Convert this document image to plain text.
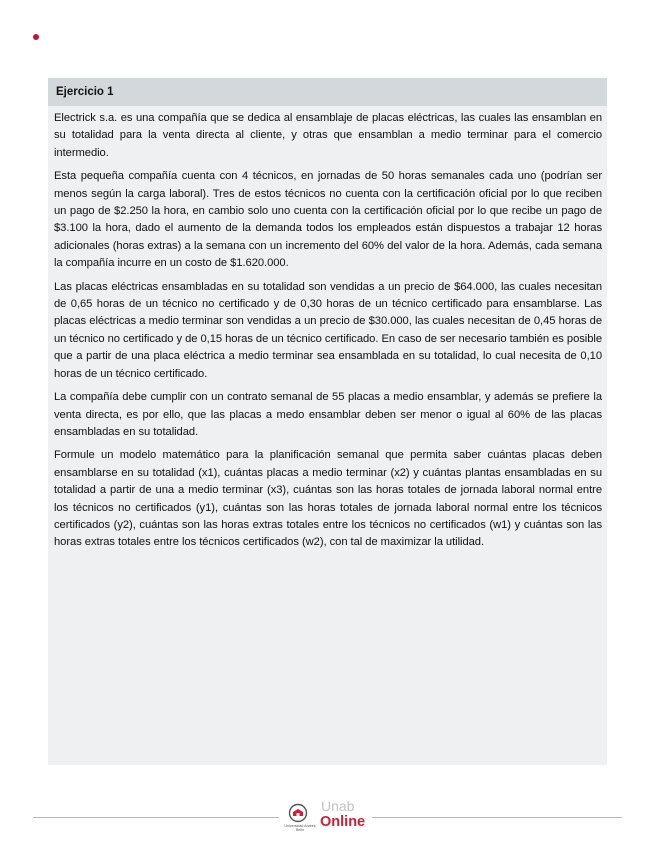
Ejercicio 1

Electrick s.a. es una compañía que se dedica al ensamblaje de placas eléctricas, las cuales las ensamblan en su totalidad para la venta directa al cliente, y otras que ensamblan a medio terminar para el comercio intermedio.

Esta pequeña compañía cuenta con 4 técnicos, en jornadas de 50 horas semanales cada uno (podrían ser menos según la carga laboral). Tres de estos técnicos no cuenta con la certificación oficial por lo que reciben un pago de $2.250 la hora, en cambio solo uno cuenta con la certificación oficial por lo que recibe un pago de $3.100 la hora, dado el aumento de la demanda todos los empleados están dispuestos a trabajar 12 horas adicionales (horas extras) a la semana con un incremento del 60% del valor de la hora. Además, cada semana la compañía incurre en un costo de $1.620.000.

Las placas eléctricas ensambladas en su totalidad son vendidas a un precio de $64.000, las cuales necesitan de 0,65 horas de un técnico no certificado y de 0,30 horas de un técnico certificado para ensamblarse. Las placas eléctricas a medio terminar son vendidas a un precio de $30.000, las cuales necesitan de 0,45 horas de un técnico no certificado y de 0,15 horas de un técnico certificado. En caso de ser necesario también es posible que a partir de una placa eléctrica a medio terminar sea ensamblada en su totalidad, lo cual necesita de 0,10 horas de un técnico certificado.

La compañía debe cumplir con un contrato semanal de 55 placas a medio ensamblar, y además se prefiere la venta directa, es por ello, que las placas a medo ensamblar deben ser menor o igual al 60% de las placas ensambladas en su totalidad.

Formule un modelo matemático para la planificación semanal que permita saber cuántas placas deben ensamblarse en su totalidad (x1), cuántas placas a medio terminar (x2) y cuántas plantas ensambladas en su totalidad a partir de una a medio terminar (x3), cuántas son las horas totales de jornada laboral normal entre los técnicos no certificados (y1), cuántas son las horas totales de jornada laboral normal entre los técnicos certificados (y2), cuántas son las horas extras totales entre los técnicos no certificados (w1) y cuántas son las horas extras totales entre los técnicos certificados (w2), con tal de maximizar la utilidad.

Universidad Andrés Bello
Unab
Online
